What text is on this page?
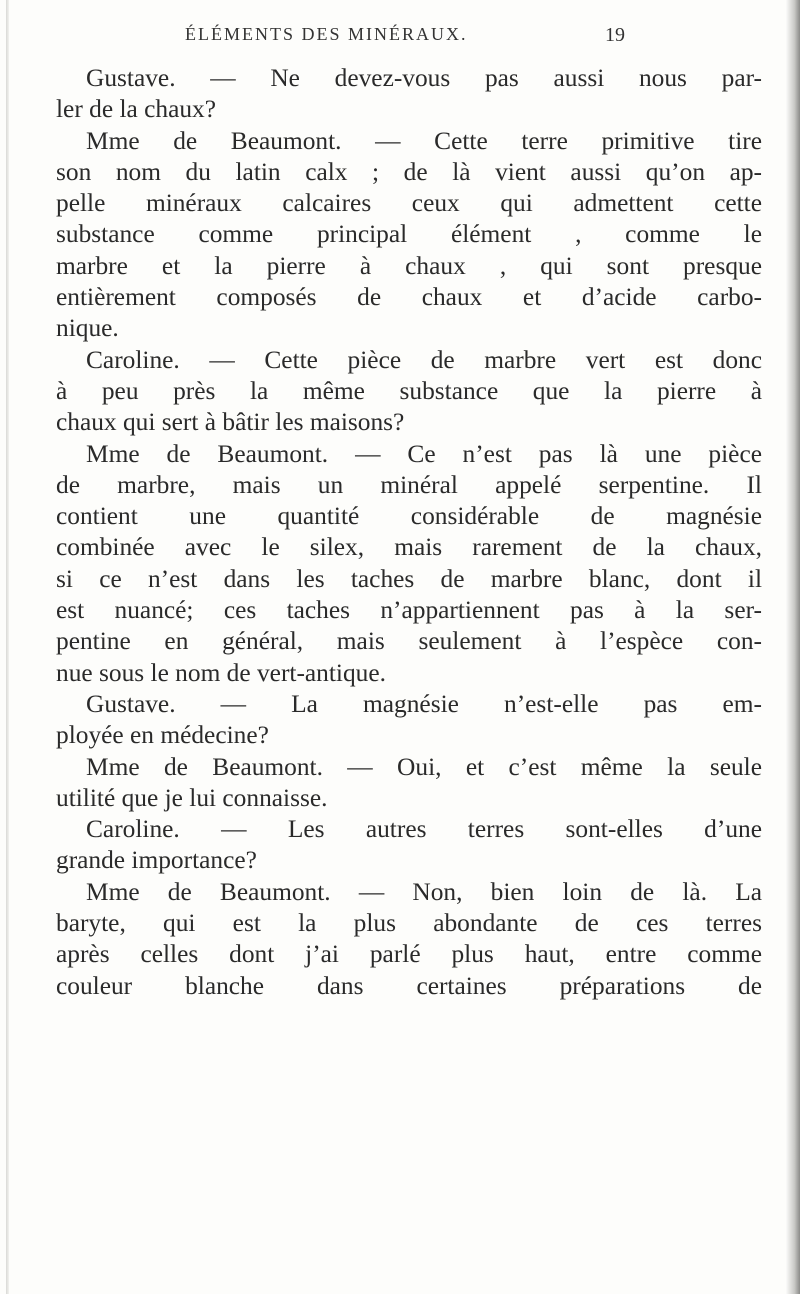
ÉLÉMENTS DES MINÉRAUX.	19
Gustave. — Ne devez-vous pas aussi nous par-
ler de la chaux?
Mme de Beaumont. — Cette terre primitive tire
son nom du latin calx ; de là vient aussi qu’on ap-
pelle minéraux calcaires ceux qui admettent cette
substance comme principal élément , comme le
marbre et la pierre à chaux , qui sont presque
entièrement composés de chaux et d’acide carbo-
nique.
Caroline. — Cette pièce de marbre vert est donc
à peu près la même substance que la pierre à
chaux qui sert à bâtir les maisons?
Mme de Beaumont. — Ce n’est pas là une pièce
de marbre, mais un minéral appelé serpentine. Il
contient une quantité considérable de magnésie
combinée avec le silex, mais rarement de la chaux,
si ce n’est dans les taches de marbre blanc, dont il
est nuancé; ces taches n’appartiennent pas à la ser-
pentine en général, mais seulement à l’espèce con-
nue sous le nom de vert-antique.
Gustave. — La magnésie n’est-elle pas em-
ployée en médecine?
Mme de Beaumont. — Oui, et c’est même la seule
utilité que je lui connaisse.
Caroline. — Les autres terres sont-elles d’une
grande importance?
Mme de Beaumont. — Non, bien loin de là. La
baryte, qui est la plus abondante de ces terres
après celles dont j’ai parlé plus haut, entre comme
couleur blanche dans certaines préparations de
